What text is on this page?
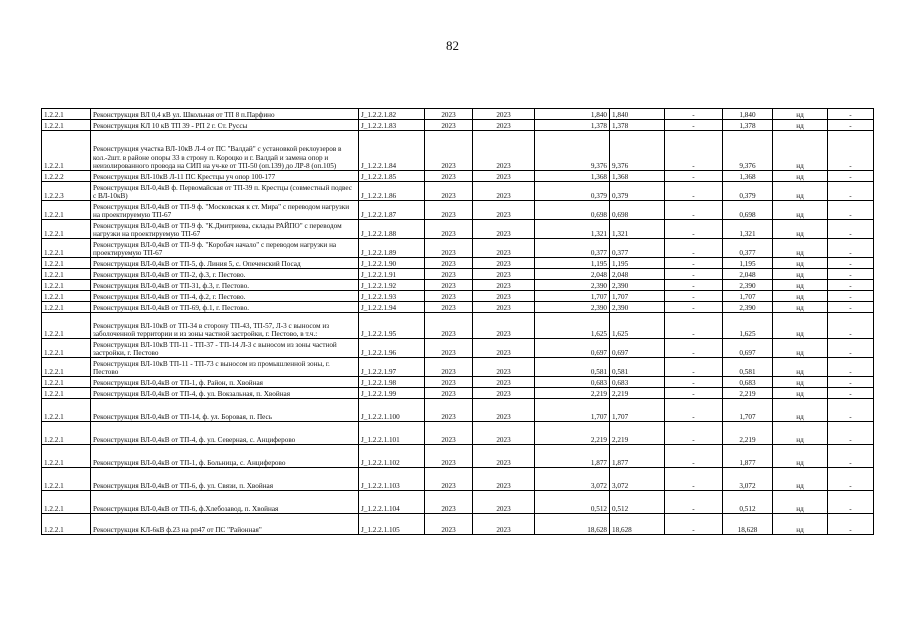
82
1.2.2.1	Реконструкция ВЛ 0,4 кВ ул. Школьная от ТП 8 п.Парфино	J_1.2.2.1.82	2023	2023	1,840	1,840	-	1,840	нд	-
1.2.2.1	Реконструкция КЛ 10 кВ ТП 39 - РП 2 г. Ст. Руссы	J_1.2.2.1.83	2023	2023	1,378	1,378	-	1,378	нд	-
1.2.2.1	Реконструкция участка ВЛ-10кВ Л-4 от ПС "Валдай" с установкой реклоузеров в кол.-2шт. в районе опоры 33 в строну п. Короцко и г. Валдай и замена опор и неизолированного провода на СИП на уч-ке от ТП-50 (оп.139) до ЛР-8 (оп.105)	J_1.2.2.1.84	2023	2023	9,376	9,376	-	9,376	нд	-
1.2.2.2	Реконструкция ВЛ-10кВ Л-11 ПС Крестцы уч опор 100-177	J_1.2.2.1.85	2023	2023	1,368	1,368	-	1,368	нд	-
1.2.2.3	Реконструкция ВЛ-0,4кВ ф. Первомайская от ТП-39 п. Крестцы (совместный подвес с ВЛ-10кВ)	J_1.2.2.1.86	2023	2023	0,379	0,379	-	0,379	нд	-
1.2.2.1	Реконструкция ВЛ-0,4кВ от ТП-9 ф. "Московская к ст. Мира" с переводом нагрузки на проектируемую ТП-67	J_1.2.2.1.87	2023	2023	0,698	0,698	-	0,698	нд	-
1.2.2.1	Реконструкция ВЛ-0,4кВ от ТП-9 ф. "К.Дмитриева, склады РАЙПО" с переводом нагрузки на проектируемую ТП-67	J_1.2.2.1.88	2023	2023	1,321	1,321	-	1,321	нд	-
1.2.2.1	Реконструкция ВЛ-0,4кВ от ТП-9 ф. "Коробач начало" с переводом нагрузки на проектируемую ТП-67	J_1.2.2.1.89	2023	2023	0,377	0,377	-	0,377	нд	-
1.2.2.1	Реконструкция ВЛ-0,4кВ от ТП-5, ф. Линия 5, с. Опеченский Посад	J_1.2.2.1.90	2023	2023	1,195	1,195	-	1,195	нд	-
1.2.2.1	Реконструкция ВЛ-0,4кВ от ТП-2, ф.3, г. Пестово.	J_1.2.2.1.91	2023	2023	2,048	2,048	-	2,048	нд	-
1.2.2.1	Реконструкция ВЛ-0,4кВ от ТП-31, ф.3, г. Пестово.	J_1.2.2.1.92	2023	2023	2,390	2,390	-	2,390	нд	-
1.2.2.1	Реконструкция ВЛ-0,4кВ от ТП-4, ф.2, г. Пестово.	J_1.2.2.1.93	2023	2023	1,707	1,707	-	1,707	нд	-
1.2.2.1	Реконструкция ВЛ-0,4кВ от ТП-69, ф.1, г. Пестово.	J_1.2.2.1.94	2023	2023	2,390	2,390	-	2,390	нд	-
1.2.2.1	Реконструкция ВЛ-10кВ от ТП-34 в сторону ТП-43, ТП-57, Л-3 с выносом из заболоченной территории и из зоны частной застройки, г. Пестово, в т.ч.:	J_1.2.2.1.95	2023	2023	1,625	1,625	-	1,625	нд	-
1.2.2.1	Реконструкция ВЛ-10кВ ТП-11 - ТП-37 - ТП-14 Л-3 с выносом из зоны частной застройки, г. Пестово	J_1.2.2.1.96	2023	2023	0,697	0,697	-	0,697	нд	-
1.2.2.1	Реконструкция ВЛ-10кВ ТП-11 - ТП-73 с выносом из промышленной зоны, г. Пестово	J_1.2.2.1.97	2023	2023	0,581	0,581	-	0,581	нд	-
1.2.2.1	Реконструкция ВЛ-0,4кВ от ТП-1, ф. Район, п. Хвойная	J_1.2.2.1.98	2023	2023	0,683	0,683	-	0,683	нд	-
1.2.2.1	Реконструкция ВЛ-0,4кВ от ТП-4, ф. ул. Вокзальная, п. Хвойная	J_1.2.2.1.99	2023	2023	2,219	2,219	-	2,219	нд	-
1.2.2.1	Реконструкция ВЛ-0,4кВ от ТП-14, ф. ул. Боровая, п. Песь	J_1.2.2.1.100	2023	2023	1,707	1,707	-	1,707	нд	-
1.2.2.1	Реконструкция ВЛ-0,4кВ от ТП-4, ф. ул. Северная, с. Анциферово	J_1.2.2.1.101	2023	2023	2,219	2,219	-	2,219	нд	-
1.2.2.1	Реконструкция ВЛ-0,4кВ от ТП-1, ф. Больница, с. Анциферово	J_1.2.2.1.102	2023	2023	1,877	1,877	-	1,877	нд	-
1.2.2.1	Реконструкция ВЛ-0,4кВ от ТП-6, ф. ул. Связи, п. Хвойная	J_1.2.2.1.103	2023	2023	3,072	3,072	-	3,072	нд	-
1.2.2.1	Реконструкция ВЛ-0,4кВ от ТП-6, ф.Хлебозавод, п. Хвойная	J_1.2.2.1.104	2023	2023	0,512	0,512	-	0,512	нд	-
1.2.2.1	Реконструкция КЛ-6кВ ф.23 на рп47 от ПС "Районная"	J_1.2.2.1.105	2023	2023	18,628	18,628	-	18,628	нд	-
